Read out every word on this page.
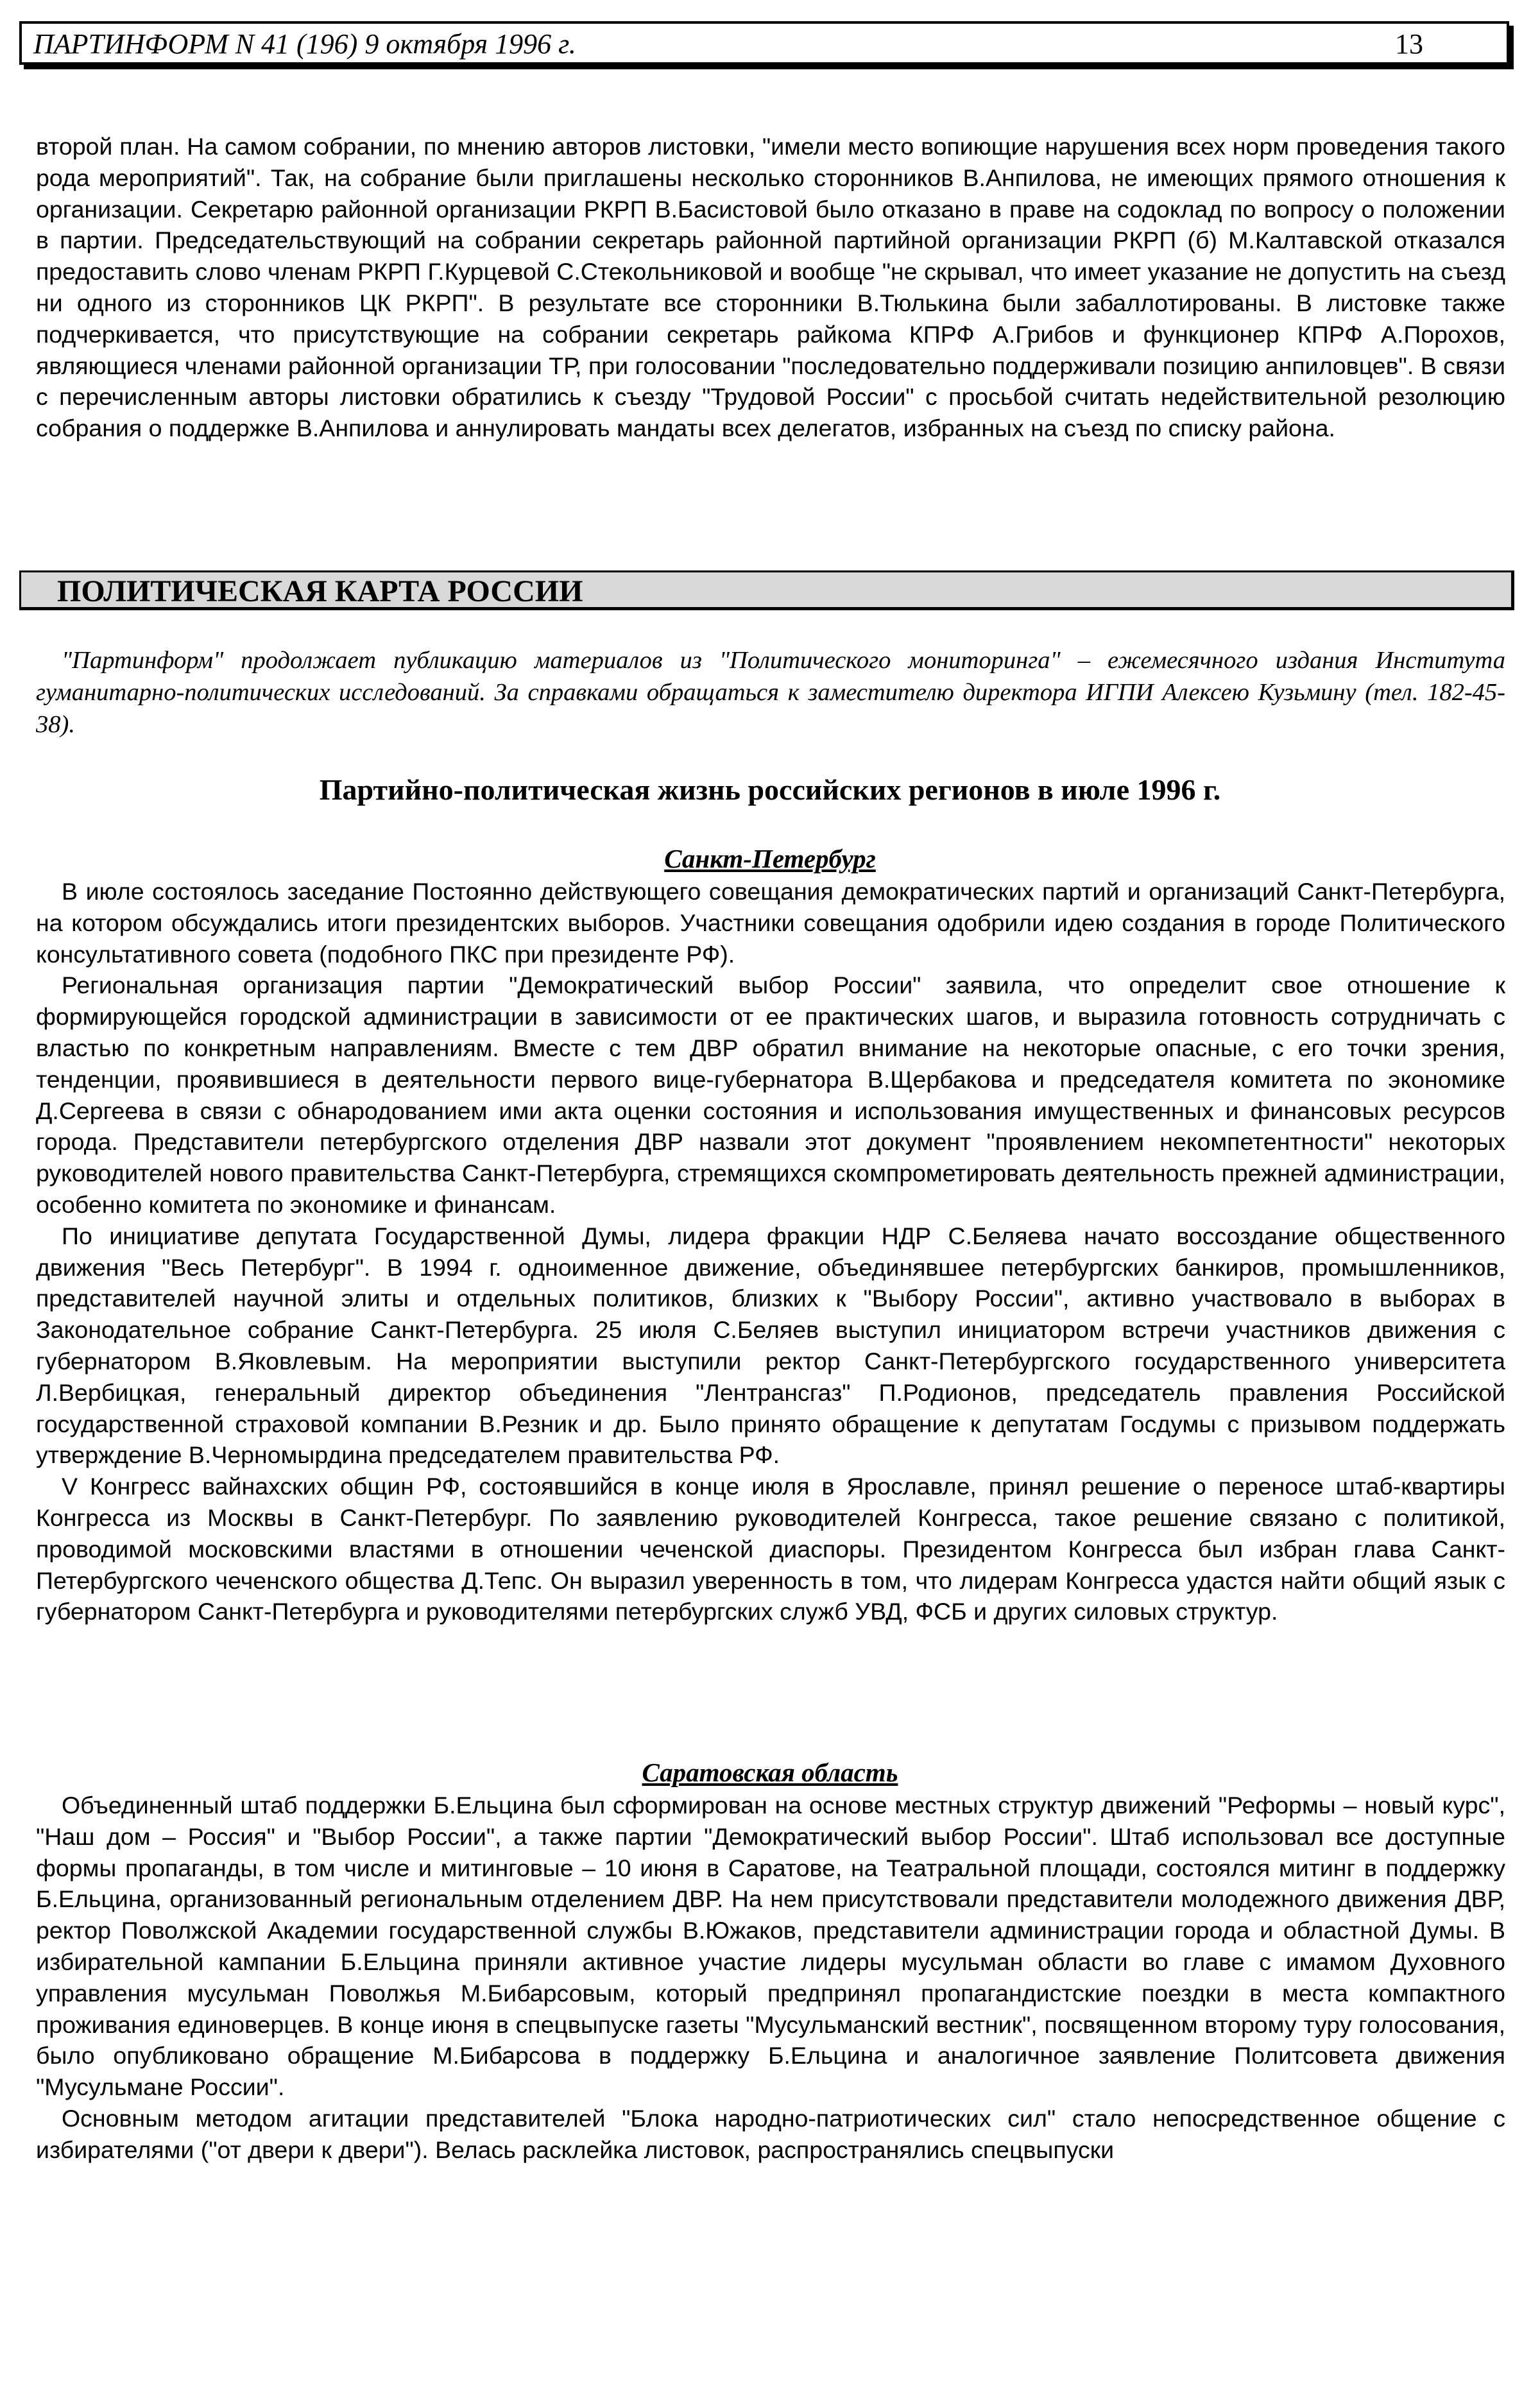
ПАРТИНФОРМ N 41 (196) 9 октября 1996 г.	13

второй план. На самом собрании, по мнению авторов листовки, "имели место вопиющие нарушения всех норм проведения такого рода мероприятий". Так, на собрание были приглашены несколько сторонников В.Анпилова, не имеющих прямого отношения к организации. Секретарю районной организации РКРП В.Басистовой было отказано в праве на содоклад по вопросу о положении в партии. Председательствующий на собрании секретарь районной партийной организации РКРП (б) М.Калтавской отказался предоставить слово членам РКРП Г.Курцевой С.Стекольниковой и вообще "не скрывал, что имеет указание не допустить на съезд ни одного из сторонников ЦК РКРП". В результате все сторонники В.Тюлькина были забаллотированы. В листовке также подчеркивается, что присутствующие на собрании секретарь райкома КПРФ А.Грибов и функционер КПРФ А.Порохов, являющиеся членами районной организации ТР, при голосовании "последовательно поддерживали позицию анпиловцев". В связи с перечисленным авторы листовки обратились к съезду "Трудовой России" с просьбой считать недействительной резолюцию собрания о поддержке В.Анпилова и аннулировать мандаты всех делегатов, избранных на съезд по списку района.

ПОЛИТИЧЕСКАЯ КАРТА РОССИИ

"Партинформ" продолжает публикацию материалов из "Политического мониторинга" – ежемесячного издания Института гуманитарно-политических исследований. За справками обращаться к заместителю директора ИГПИ Алексею Кузьмину (тел. 182-45-38).

Партийно-политическая жизнь российских регионов в июле 1996 г.
Санкт-Петербург

В июле состоялось заседание Постоянно действующего совещания демократических партий и организаций Санкт-Петербурга, на котором обсуждались итоги президентских выборов. Участники совещания одобрили идею создания в городе Политического консультативного совета (подобного ПКС при президенте РФ).

Региональная организация партии "Демократический выбор России" заявила, что определит свое отношение к формирующейся городской администрации в зависимости от ее практических шагов, и выразила готовность сотрудничать с властью по конкретным направлениям. Вместе с тем ДВР обратил внимание на некоторые опасные, с его точки зрения, тенденции, проявившиеся в деятельности первого вице-губернатора В.Щербакова и председателя комитета по экономике Д.Сергеева в связи с обнародованием ими акта оценки состояния и использования имущественных и финансовых ресурсов города. Представители петербургского отделения ДВР назвали этот документ "проявлением некомпетентности" некоторых руководителей нового правительства Санкт-Петербурга, стремящихся скомпрометировать деятельность прежней администрации, особенно комитета по экономике и финансам.

По инициативе депутата Государственной Думы, лидера фракции НДР С.Беляева начато воссоздание общественного движения "Весь Петербург". В 1994 г. одноименное движение, объединявшее петербургских банкиров, промышленников, представителей научной элиты и отдельных политиков, близких к "Выбору России", активно участвовало в выборах в Законодательное собрание Санкт-Петербурга. 25 июля С.Беляев выступил инициатором встречи участников движения с губернатором В.Яковлевым. На мероприятии выступили ректор Санкт-Петербургского государственного университета Л.Вербицкая, генеральный директор объединения "Лентрансгаз" П.Родионов, председатель правления Российской государственной страховой компании В.Резник и др. Было принято обращение к депутатам Госдумы с призывом поддержать утверждение В.Черномырдина председателем правительства РФ.

V Конгресс вайнахских общин РФ, состоявшийся в конце июля в Ярославле, принял решение о переносе штаб-квартиры Конгресса из Москвы в Санкт-Петербург. По заявлению руководителей Конгресса, такое решение связано с политикой, проводимой московскими властями в отношении чеченской диаспоры. Президентом Конгресса был избран глава Санкт-Петербургского чеченского общества Д.Тепс. Он выразил уверенность в том, что лидерам Конгресса удастся найти общий язык с губернатором Санкт-Петербурга и руководителями петербургских служб УВД, ФСБ и других силовых структур.

Саратовская область

Объединенный штаб поддержки Б.Ельцина был сформирован на основе местных структур движений "Реформы – новый курс", "Наш дом – Россия" и "Выбор России", а также партии "Демократический выбор России". Штаб использовал все доступные формы пропаганды, в том числе и митинговые – 10 июня в Саратове, на Театральной площади, состоялся митинг в поддержку Б.Ельцина, организованный региональным отделением ДВР. На нем присутствовали представители молодежного движения ДВР, ректор Поволжской Академии государственной службы В.Южаков, представители администрации города и областной Думы. В избирательной кампании Б.Ельцина приняли активное участие лидеры мусульман области во главе с имамом Духовного управления мусульман Поволжья М.Бибарсовым, который предпринял пропагандистские поездки в места компактного проживания единоверцев. В конце июня в спецвыпуске газеты "Мусульманский вестник", посвященном второму туру голосования, было опубликовано обращение М.Бибарсова в поддержку Б.Ельцина и аналогичное заявление Политсовета движения "Мусульмане России".

Основным методом агитации представителей "Блока народно-патриотических сил" стало непосредственное общение с избирателями ("от двери к двери"). Велась расклейка листовок, распространялись спецвыпуски
